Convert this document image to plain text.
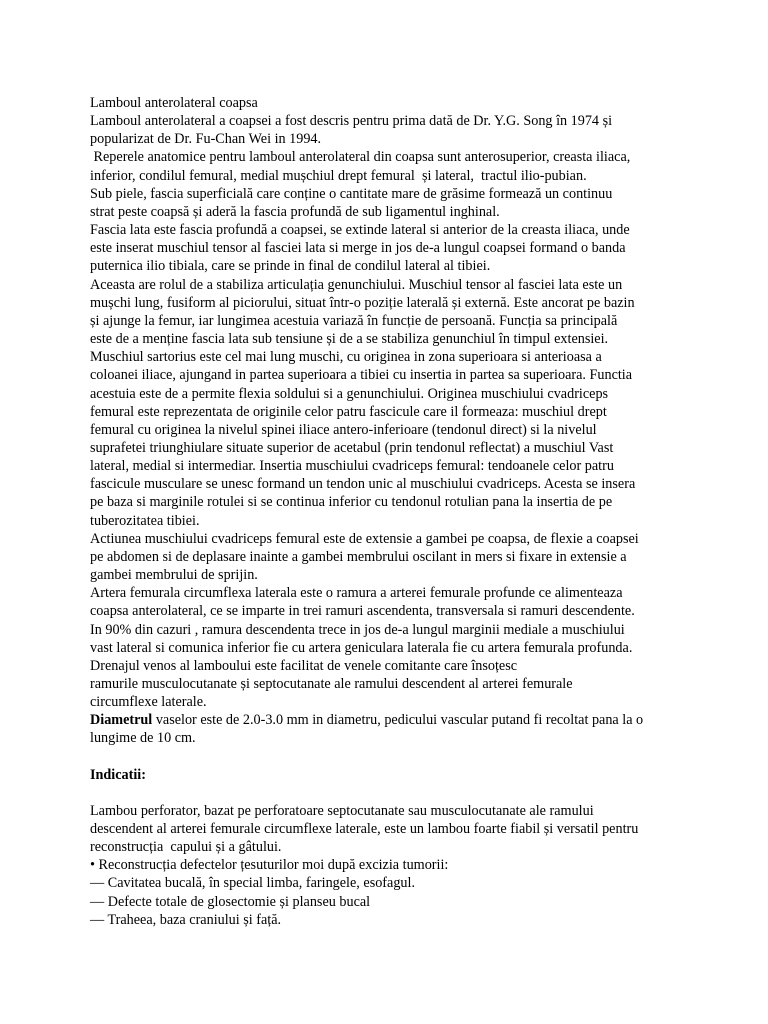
Lamboul anterolateral coapsa
Lamboul anterolateral a coapsei a fost descris pentru prima dată de Dr. Y.G. Song în 1974 și
popularizat de Dr. Fu-Chan Wei in 1994.
Reperele anatomice pentru lamboul anterolateral din coapsa sunt anterosuperior, creasta iliaca,
inferior, condilul femural, medial mușchiul drept femural  și lateral,  tractul ilio-pubian.
Sub piele, fascia superficială care conține o cantitate mare de grăsime formează un continuu
strat peste coapsă și aderă la fascia profundă de sub ligamentul inghinal.
Fascia lata este fascia profundă a coapsei, se extinde lateral si anterior de la creasta iliaca, unde
este inserat muschiul tensor al fasciei lata si merge in jos de-a lungul coapsei formand o banda
puternica ilio tibiala, care se prinde in final de condilul lateral al tibiei.
Aceasta are rolul de a stabiliza articulația genunchiului. Muschiul tensor al fasciei lata este un
mușchi lung, fusiform al piciorului, situat într-o poziție laterală și externă. Este ancorat pe bazin
și ajunge la femur, iar lungimea acestuia variază în funcție de persoană. Funcția sa principală
este de a menține fascia lata sub tensiune și de a se stabiliza genunchiul în timpul extensiei.
Muschiul sartorius este cel mai lung muschi, cu originea in zona superioara si anterioasa a
coloanei iliace, ajungand in partea superioara a tibiei cu insertia in partea sa superioara. Functia
acestuia este de a permite flexia soldului si a genunchiului. Originea muschiului cvadriceps
femural este reprezentata de originile celor patru fascicule care il formeaza: muschiul drept
femural cu originea la nivelul spinei iliace antero-inferioare (tendonul direct) si la nivelul
suprafetei triunghiulare situate superior de acetabul (prin tendonul reflectat) a muschiul Vast
lateral, medial si intermediar. Insertia muschiului cvadriceps femural: tendoanele celor patru
fascicule musculare se unesc formand un tendon unic al muschiului cvadriceps. Acesta se insera
pe baza si marginile rotulei si se continua inferior cu tendonul rotulian pana la insertia de pe
tuberozitatea tibiei.
Actiunea muschiului cvadriceps femural este de extensie a gambei pe coapsa, de flexie a coapsei
pe abdomen si de deplasare inainte a gambei membrului oscilant in mers si fixare in extensie a
gambei membrului de sprijin.
Artera femurala circumflexa laterala este o ramura a arterei femurale profunde ce alimenteaza
coapsa anterolateral, ce se imparte in trei ramuri ascendenta, transversala si ramuri descendente.
In 90% din cazuri , ramura descendenta trece in jos de-a lungul marginii mediale a muschiului
vast lateral si comunica inferior fie cu artera geniculara laterala fie cu artera femurala profunda.
Drenajul venos al lamboului este facilitat de venele comitante care însoțesc
ramurile musculocutanate și septocutanate ale ramului descendent al arterei femurale
circumflexe laterale.
Diametrul vaselor este de 2.0-3.0 mm in diametru, pedicului vascular putand fi recoltat pana la o
lungime de 10 cm.
Indicatii:
Lambou perforator, bazat pe perforatoare septocutanate sau musculocutanate ale ramului
descendent al arterei femurale circumflexe laterale, este un lambou foarte fiabil și versatil pentru
reconstrucția  capului și a gâtului.
• Reconstrucția defectelor țesuturilor moi după excizia tumorii:
— Cavitatea bucală, în special limba, faringele, esofagul.
— Defecte totale de glosectomie și planseu bucal
— Traheea, baza craniului și față.
